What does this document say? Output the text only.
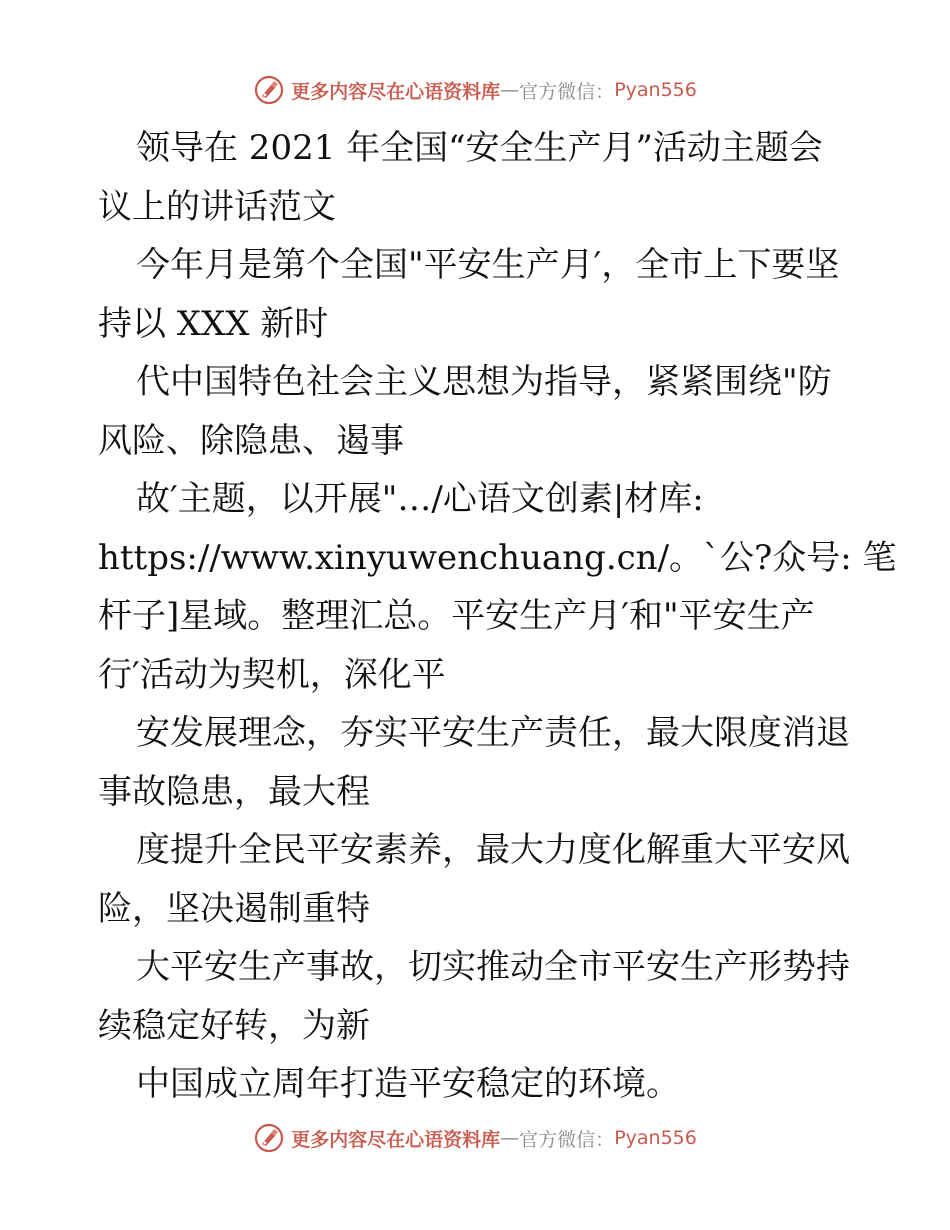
更多内容尽在心语资料库 — 官方微信： Pyan556
领导在 2021 年全国“安全生产月”活动主题会
议上的讲话范文
今年月是第个全国"平安生产月′，全市上下要坚
持以 XXX 新时
代中国特色社会主义思想为指导，紧紧围绕"防
风险、除隐患、遏事
故′主题，以开展"…/心语文创素|材库:
https://www.xinyuwenchuang.cn/。`公?众号: 笔
杆子]星域。整理汇总。平安生产月′和"平安生产
行′活动为契机，深化平
安发展理念，夯实平安生产责任，最大限度消退
事故隐患，最大程
度提升全民平安素养，最大力度化解重大平安风
险，坚决遏制重特
大平安生产事故，切实推动全市平安生产形势持
续稳定好转，为新
中国成立周年打造平安稳定的环境。
更多内容尽在心语资料库 — 官方微信： Pyan556
